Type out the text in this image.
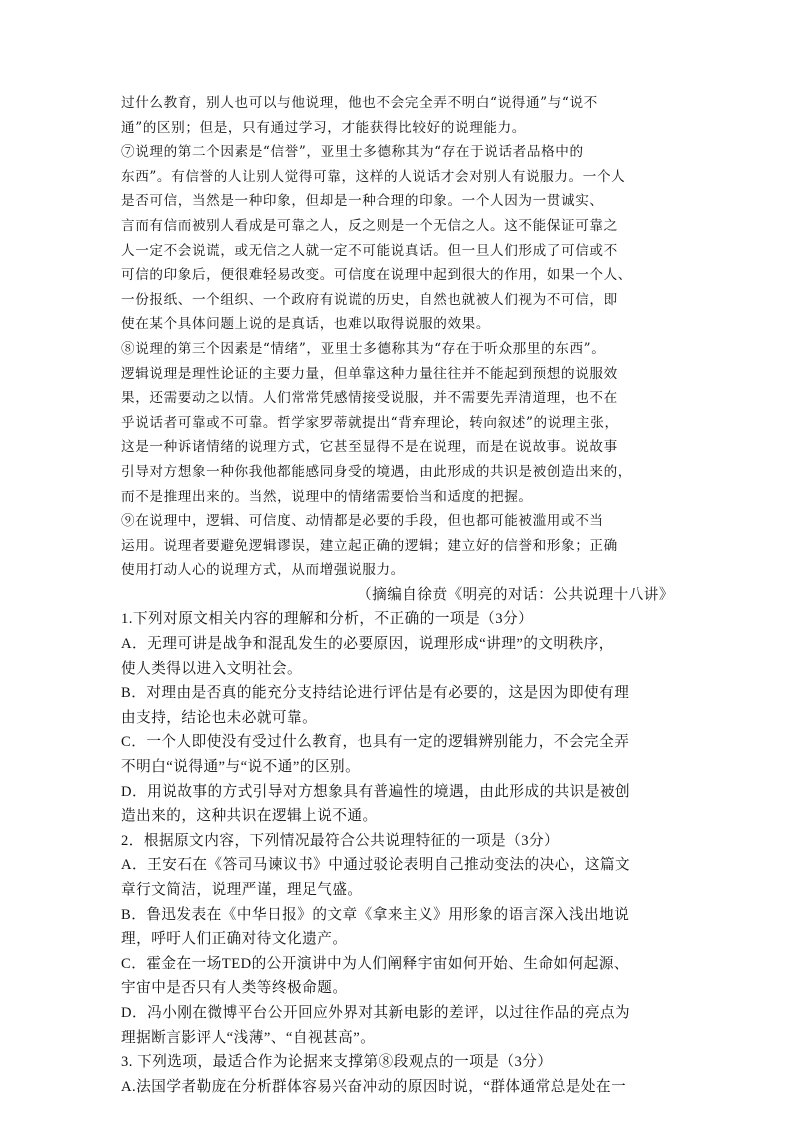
过什么教育，别人也可以与他说理，他也不会完全弄不明白“说得通”与“说不
通”的区别；但是，只有通过学习，才能获得比较好的说理能力。
⑦说理的第二个因素是“信誉”，亚里士多德称其为“存在于说话者品格中的
东西”。有信誉的人让别人觉得可靠，这样的人说话才会对别人有说服力。一个人
是否可信，当然是一种印象，但却是一种合理的印象。一个人因为一贯诚实、
言而有信而被别人看成是可靠之人，反之则是一个无信之人。这不能保证可靠之
人一定不会说谎，或无信之人就一定不可能说真话。但一旦人们形成了可信或不
可信的印象后，便很难轻易改变。可信度在说理中起到很大的作用，如果一个人、
一份报纸、一个组织、一个政府有说谎的历史，自然也就被人们视为不可信，即
使在某个具体问题上说的是真话，也难以取得说服的效果。
⑧说理的第三个因素是“情绪”，亚里士多德称其为“存在于听众那里的东西”。
逻辑说理是理性论证的主要力量，但单靠这种力量往往并不能起到预想的说服效
果，还需要动之以情。人们常常凭感情接受说服，并不需要先弄清道理，也不在
乎说话者可靠或不可靠。哲学家罗蒂就提出“背弃理论，转向叙述”的说理主张，
这是一种诉诸情绪的说理方式，它甚至显得不是在说理，而是在说故事。说故事
引导对方想象一种你我他都能感同身受的境遇，由此形成的共识是被创造出来的，
而不是推理出来的。当然，说理中的情绪需要恰当和适度的把握。
⑨在说理中，逻辑、可信度、动情都是必要的手段，但也都可能被滥用或不当
运用。说理者要避免逻辑谬误，建立起正确的逻辑；建立好的信誉和形象；正确
使用打动人心的说理方式，从而增强说服力。
（摘编自徐贲《明亮的对话：公共说理十八讲》
1.下列对原文相关内容的理解和分析，不正确的一项是（3分）
A．无理可讲是战争和混乱发生的必要原因，说理形成“讲理”的文明秩序，
使人类得以进入文明社会。
B．对理由是否真的能充分支持结论进行评估是有必要的，这是因为即使有理
由支持，结论也未必就可靠。
C．一个人即使没有受过什么教育，也具有一定的逻辑辨别能力，不会完全弄
不明白“说得通”与“说不通”的区别。
D．用说故事的方式引导对方想象具有普遍性的境遇，由此形成的共识是被创
造出来的，这种共识在逻辑上说不通。
2．根据原文内容，下列情况最符合公共说理特征的一项是（3分）
A．王安石在《答司马谏议书》中通过驳论表明自己推动变法的决心，这篇文
章行文简洁，说理严谨，理足气盛。
B．鲁迅发表在《中华日报》的文章《拿来主义》用形象的语言深入浅出地说
理，呼吁人们正确对待文化遗产。
C．霍金在一场TED的公开演讲中为人们阐释宇宙如何开始、生命如何起源、
宇宙中是否只有人类等终极命题。
D．冯小刚在微博平台公开回应外界对其新电影的差评，以过往作品的亮点为
理据断言影评人“浅薄”、“自视甚高”。
3. 下列选项，最适合作为论据来支撑第⑧段观点的一项是（3分）
A.法国学者勒庞在分析群体容易兴奋冲动的原因时说，“群体通常总是处在一
